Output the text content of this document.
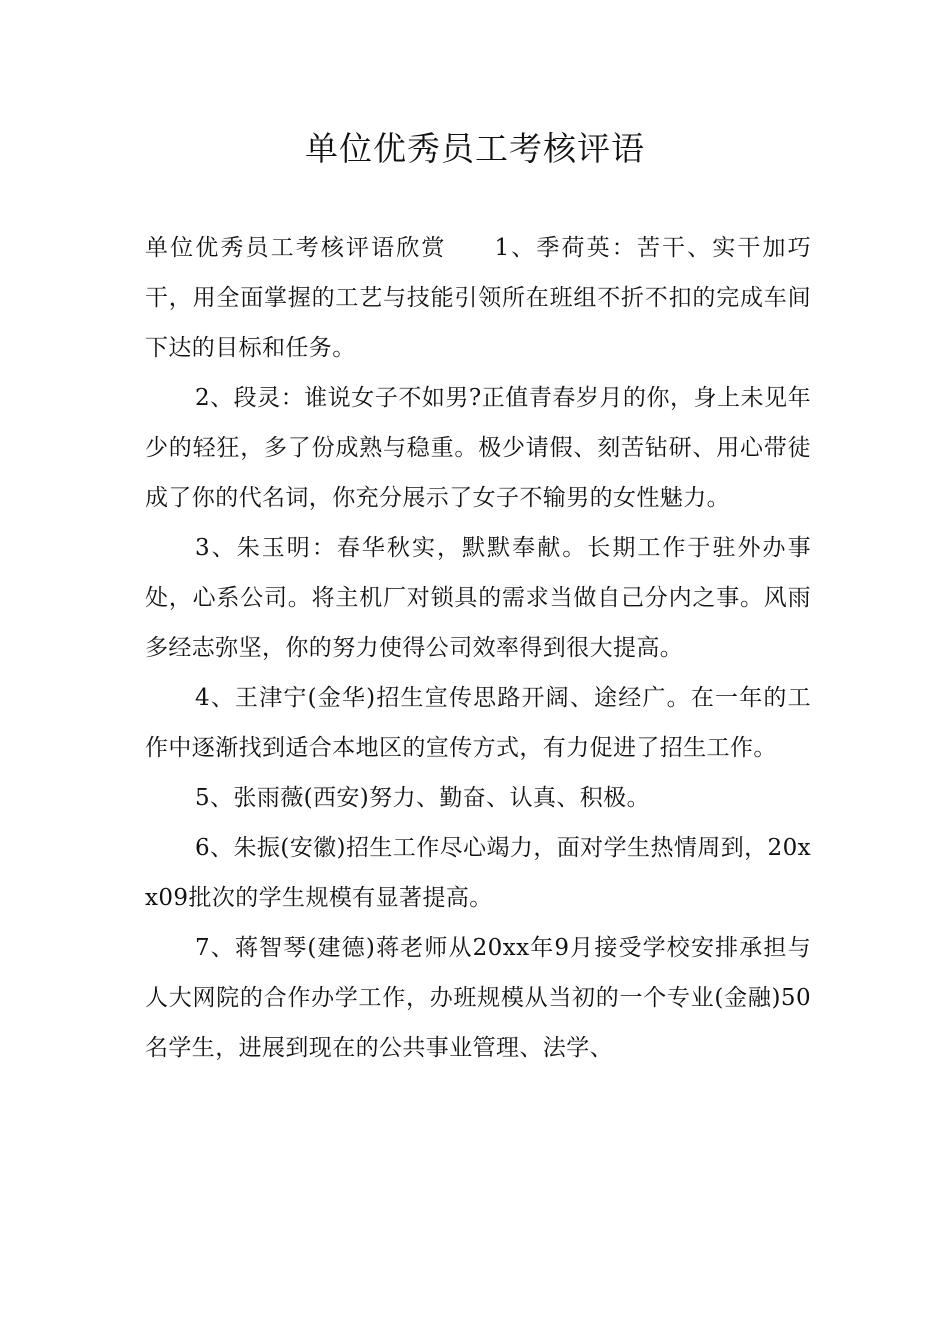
单位优秀员工考核评语

单位优秀员工考核评语欣赏 1、季荷英：苦干、实干加巧干，用全面掌握的工艺与技能引领所在班组不折不扣的完成车间下达的目标和任务。

2、段灵：谁说女子不如男?正值青春岁月的你，身上未见年少的轻狂，多了份成熟与稳重。极少请假、刻苦钻研、用心带徒成了你的代名词，你充分展示了女子不输男的女性魅力。

3、朱玉明：春华秋实，默默奉献。长期工作于驻外办事处，心系公司。将主机厂对锁具的需求当做自己分内之事。风雨多经志弥坚，你的努力使得公司效率得到很大提高。

4、王津宁(金华)招生宣传思路开阔、途经广。在一年的工作中逐渐找到适合本地区的宣传方式，有力促进了招生工作。

5、张雨薇(西安)努力、勤奋、认真、积极。

6、朱振(安徽)招生工作尽心竭力，面对学生热情周到，20xx09批次的学生规模有显著提高。

7、蒋智琴(建德)蒋老师从20xx年9月接受学校安排承担与人大网院的合作办学工作，办班规模从当初的一个专业(金融)50名学生，进展到现在的公共事业管理、法学、
